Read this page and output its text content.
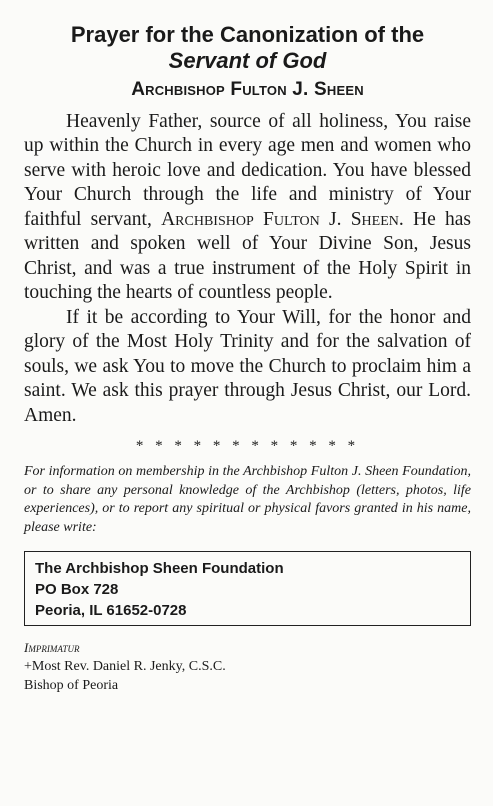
Prayer for the Canonization of the
Servant of God
Archbishop Fulton J. Sheen

Heavenly Father, source of all holiness, You raise up within the Church in every age men and women who serve with heroic love and dedication. You have blessed Your Church through the life and ministry of Your faithful servant, Archbishop Fulton J. Sheen. He has written and spoken well of Your Divine Son, Jesus Christ, and was a true instrument of the Holy Spirit in touching the hearts of countless people.

If it be according to Your Will, for the honor and glory of the Most Holy Trinity and for the salvation of souls, we ask You to move the Church to proclaim him a saint. We ask this prayer through Jesus Christ, our Lord. Amen.

* * * * * * * * * * * *

For information on membership in the Archbishop Fulton J. Sheen Foundation, or to share any personal knowledge of the Archbishop (letters, photos, life experiences), or to report any spiritual or physical favors granted in his name, please write:

The Archbishop Sheen Foundation
PO Box 728
Peoria, IL 61652-0728
Imprimatur
+Most Rev. Daniel R. Jenky, C.S.C.
Bishop of Peoria
